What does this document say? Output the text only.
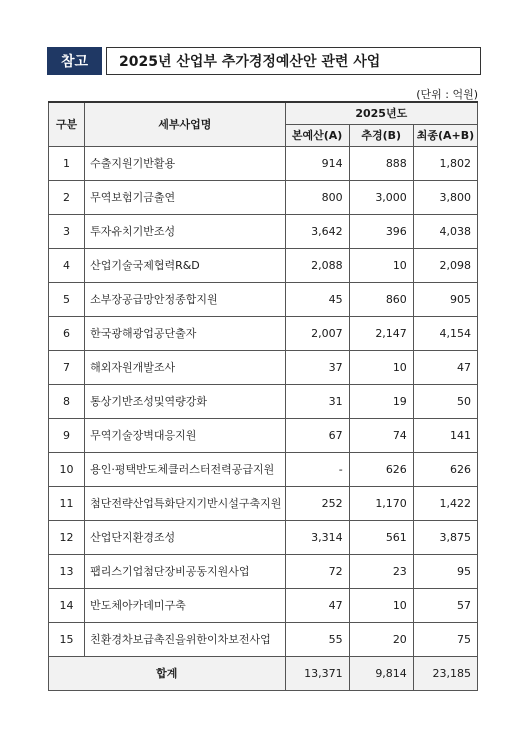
참고	2025년 산업부 추가경정예산안 관련 사업
(단위 : 억원)
구분	세부사업명	2025년도		
		본예산(A)	추경(B)	최종(A+B)
1	수출지원기반활용	914	888	1,802
2	무역보험기금출연	800	3,000	3,800
3	투자유치기반조성	3,642	396	4,038
4	산업기술국제협력R&D	2,088	10	2,098
5	소부장공급망안정종합지원	45	860	905
6	한국광해광업공단출자	2,007	2,147	4,154
7	해외자원개발조사	37	10	47
8	통상기반조성및역량강화	31	19	50
9	무역기술장벽대응지원	67	74	141
10	용인·평택반도체클러스터전력공급지원	-	626	626
11	첨단전략산업특화단지기반시설구축지원	252	1,170	1,422
12	산업단지환경조성	3,314	561	3,875
13	팹리스기업첨단장비공동지원사업	72	23	95
14	반도체아카데미구축	47	10	57
15	친환경차보급촉진을위한이차보전사업	55	20	75
합계		13,371	9,814	23,185
